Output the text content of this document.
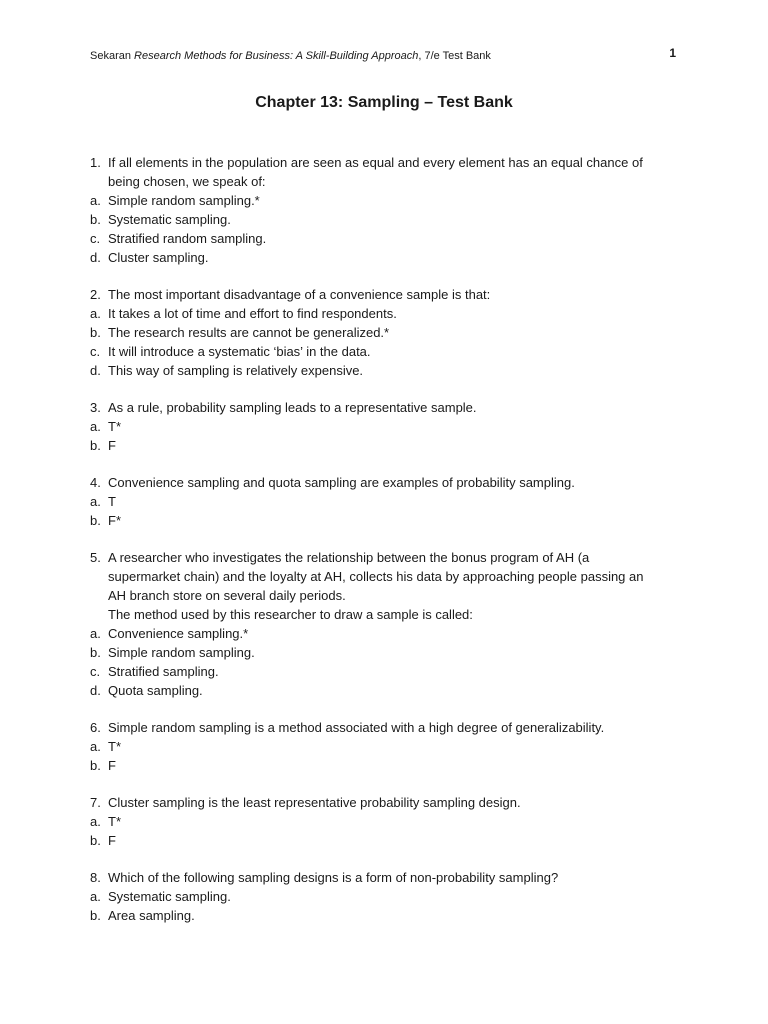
Sekaran Research Methods for Business: A Skill-Building Approach, 7/e Test Bank	1
Chapter 13: Sampling – Test Bank
1. If all elements in the population are seen as equal and every element has an equal chance of
being chosen, we speak of:
a. Simple random sampling.*
b. Systematic sampling.
c. Stratified random sampling.
d. Cluster sampling.
2. The most important disadvantage of a convenience sample is that:
a. It takes a lot of time and effort to find respondents.
b. The research results are cannot be generalized.*
c. It will introduce a systematic ‘bias’ in the data.
d. This way of sampling is relatively expensive.
3. As a rule, probability sampling leads to a representative sample.
a. T*
b. F
4. Convenience sampling and quota sampling are examples of probability sampling.
a. T
b. F*
5. A researcher who investigates the relationship between the bonus program of AH (a
supermarket chain) and the loyalty at AH, collects his data by approaching people passing an
AH branch store on several daily periods.
The method used by this researcher to draw a sample is called:
a. Convenience sampling.*
b. Simple random sampling.
c. Stratified sampling.
d. Quota sampling.
6. Simple random sampling is a method associated with a high degree of generalizability.
a. T*
b. F
7. Cluster sampling is the least representative probability sampling design.
a. T*
b. F
8. Which of the following sampling designs is a form of non-probability sampling?
a. Systematic sampling.
b. Area sampling.
